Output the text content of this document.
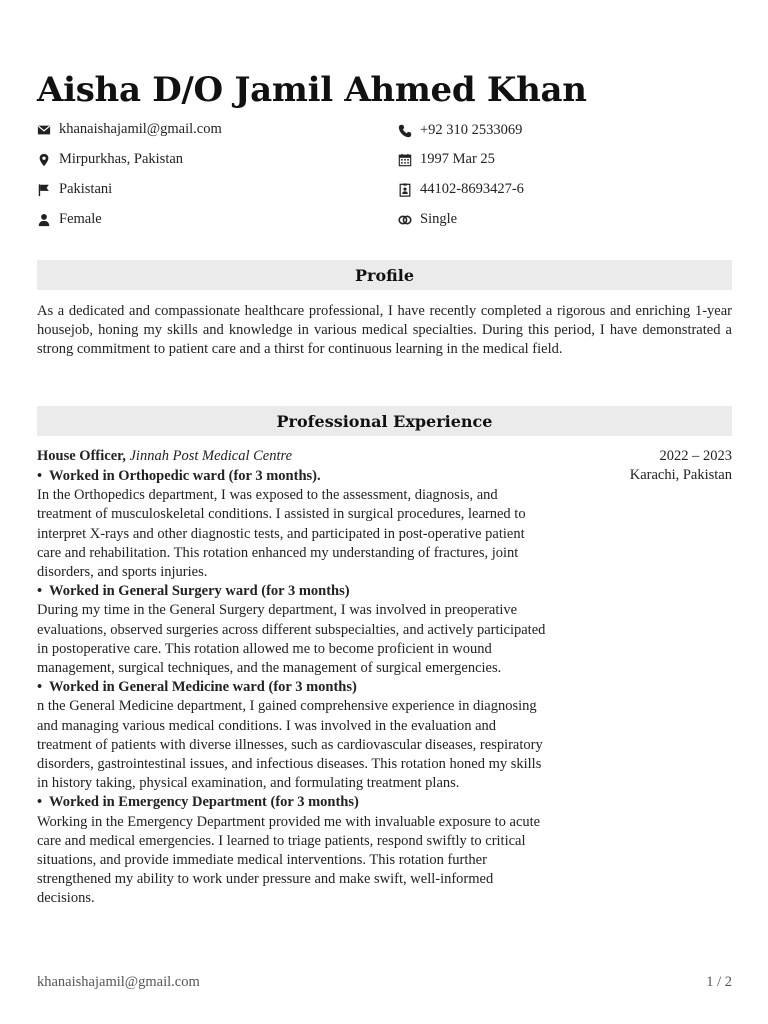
Aisha D/O Jamil Ahmed Khan
khanaishajamil@gmail.com
Mirpurkhas, Pakistan
Pakistani
Female
+92 310 2533069
1997 Mar 25
44102-8693427-6
Single
Profile

As a dedicated and compassionate healthcare professional, I have recently completed a rigorous and enriching 1-year housejob, honing my skills and knowledge in various medical specialties. During this period, I have demonstrated a strong commitment to patient care and a thirst for continuous learning in the medical field.

Professional Experience
House Officer, Jinnah Post Medical Centre	2022 – 2023
Karachi, Pakistan
• Worked in Orthopedic ward (for 3 months).

In the Orthopedics department, I was exposed to the assessment, diagnosis, and treatment of musculoskeletal conditions. I assisted in surgical procedures, learned to interpret X-rays and other diagnostic tests, and participated in post-operative patient care and rehabilitation. This rotation enhanced my understanding of fractures, joint disorders, and sports injuries.

• Worked in General Surgery ward (for 3 months)

During my time in the General Surgery department, I was involved in preoperative evaluations, observed surgeries across different subspecialties, and actively participated in postoperative care. This rotation allowed me to become proficient in wound management, surgical techniques, and the management of surgical emergencies.

• Worked in General Medicine ward (for 3 months)

n the General Medicine department, I gained comprehensive experience in diagnosing and managing various medical conditions. I was involved in the evaluation and treatment of patients with diverse illnesses, such as cardiovascular diseases, respiratory disorders, gastrointestinal issues, and infectious diseases. This rotation honed my skills in history taking, physical examination, and formulating treatment plans.

• Worked in Emergency Department (for 3 months)

Working in the Emergency Department provided me with invaluable exposure to acute care and medical emergencies. I learned to triage patients, respond swiftly to critical situations, and provide immediate medical interventions. This rotation further strengthened my ability to work under pressure and make swift, well-informed decisions.

khanaishajamil@gmail.com	1 / 2
